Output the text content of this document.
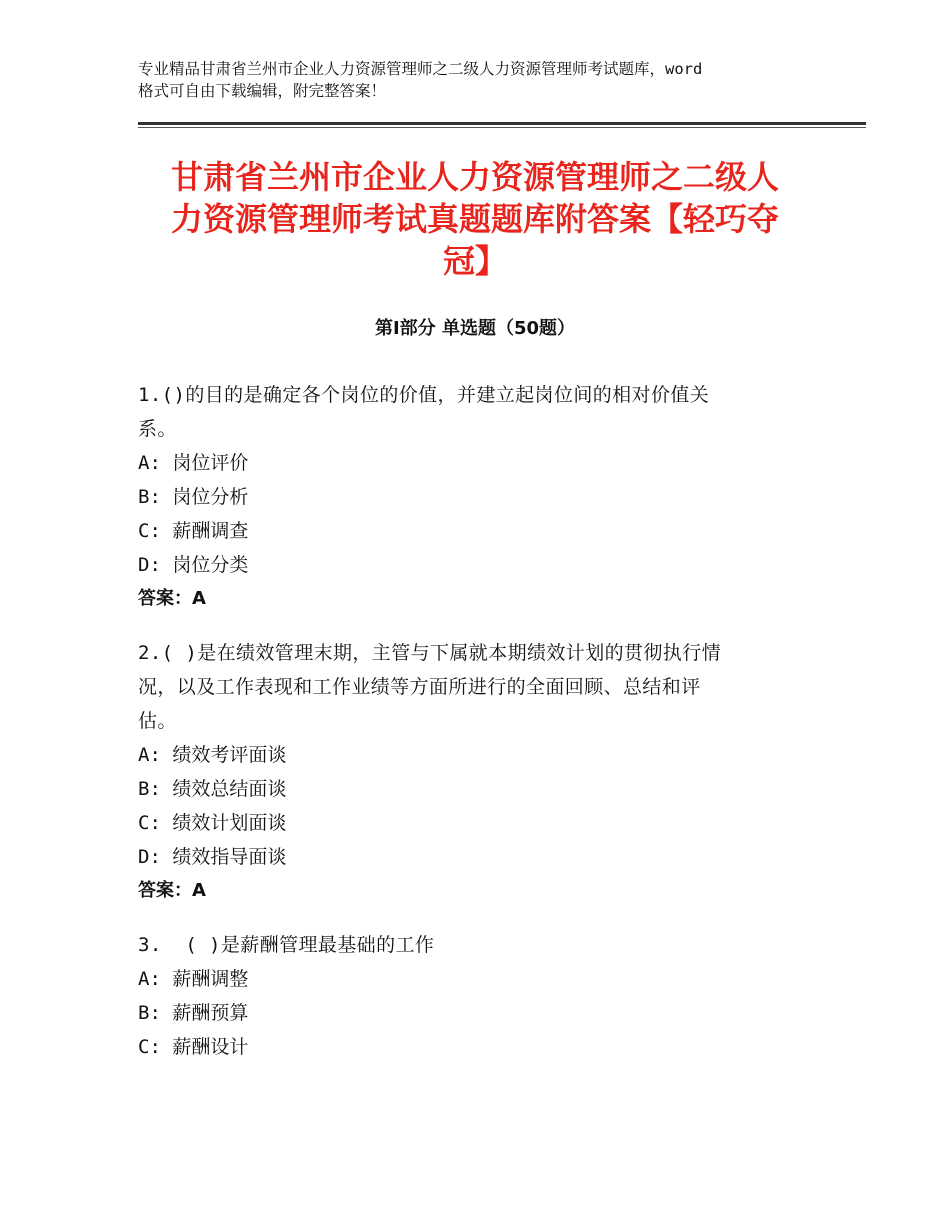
专业精品甘肃省兰州市企业人力资源管理师之二级人力资源管理师考试题库，word
格式可自由下载编辑，附完整答案！
甘肃省兰州市企业人力资源管理师之二级人
力资源管理师考试真题题库附答案【轻巧夺
冠】
第Ⅰ部分 单选题（50题）
1.()的目的是确定各个岗位的价值，并建立起岗位间的相对价值关
系。
A: 岗位评价
B: 岗位分析
C: 薪酬调查
D: 岗位分类
答案：A
2.( )是在绩效管理末期，主管与下属就本期绩效计划的贯彻执行情
况，以及工作表现和工作业绩等方面所进行的全面回顾、总结和评
估。
A: 绩效考评面谈
B: 绩效总结面谈
C: 绩效计划面谈
D: 绩效指导面谈
答案：A
3.  ( )是薪酬管理最基础的工作
A: 薪酬调整
B: 薪酬预算
C: 薪酬设计
